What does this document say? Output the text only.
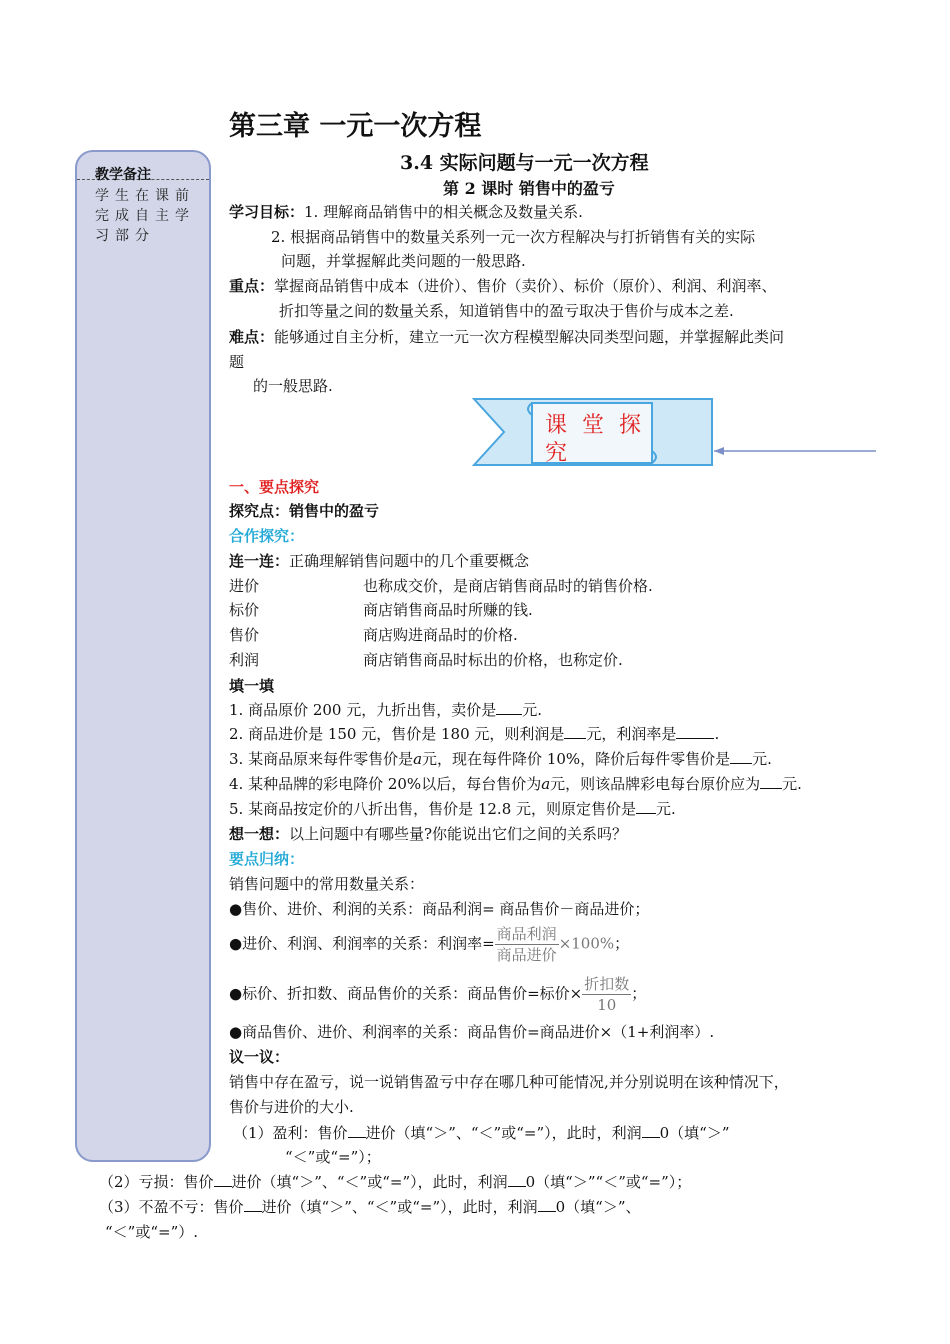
教学备注
学生在课前完成自主学习部分
第三章 一元一次方程
3.4 实际问题与一元一次方程
第 2 课时 销售中的盈亏
学习目标：1. 理解商品销售中的相关概念及数量关系.
2. 根据商品销售中的数量关系列一元一次方程解决与打折销售有关的实际
问题，并掌握解此类问题的一般思路.
重点：掌握商品销售中成本（进价）、售价（卖价）、标价（原价）、利润、利润率、
折扣等量之间的数量关系，知道销售中的盈亏取决于售价与成本之差.
难点：能够通过自主分析，建立一元一次方程模型解决同类型问题，并掌握解此类问
题
的一般思路.
课 堂 探 究
一、要点探究
探究点：销售中的盈亏
合作探究：
连一连：正确理解销售问题中的几个重要概念
进价	也称成交价，是商店销售商品时的销售价格.
标价	商店销售商品时所赚的钱.
售价	商店购进商品时的价格.
利润	商店销售商品时标出的价格，也称定价.
填一填
1. 商品原价 200 元，九折出售，卖价是 元.
2. 商品进价是 150 元，售价是 180 元，则利润是 元，利润率是	.
3. 某商品原来每件零售价是a元，现在每件降价 10%，降价后每件零售价是 元.
4. 某种品牌的彩电降价 20%以后，每台售价为a元，则该品牌彩电每台原价应为 元.
5. 某商品按定价的八折出售，售价是 12.8 元，则原定售价是 元.
想一想：以上问题中有哪些量?你能说出它们之间的关系吗？
要点归纳：
销售问题中的常用数量关系：
●售价、进价、利润的关系：商品利润= 商品售价－商品进价；
●进价、利润、利润率的关系：利润率= $\frac{\text{商品利润}}{\text{商品进价}} \times 100\%$；
●标价、折扣数、商品售价的关系：商品售价=标价× $\frac{\text{折扣数}}{10}$ ；
●商品售价、进价、利润率的关系：商品售价=商品进价×（1+利润率）.
议一议：
销售中存在盈亏，说一说销售盈亏中存在哪几种可能情况,并分别说明在该种情况下，
售价与进价的大小.
（1）盈利：售价 进价（填“＞”、“＜”或“=”），此时，利润 0（填“＞”
“＜”或“=”）；
（2）亏损：售价 进价（填“＞”、“＜”或“=”），此时，利润 0（填“＞”“＜”或“=”）；
（3）不盈不亏：售价 进价（填“＞”、“＜”或“=”），此时，利润 0（填“＞”、
“＜”或“=”）.
